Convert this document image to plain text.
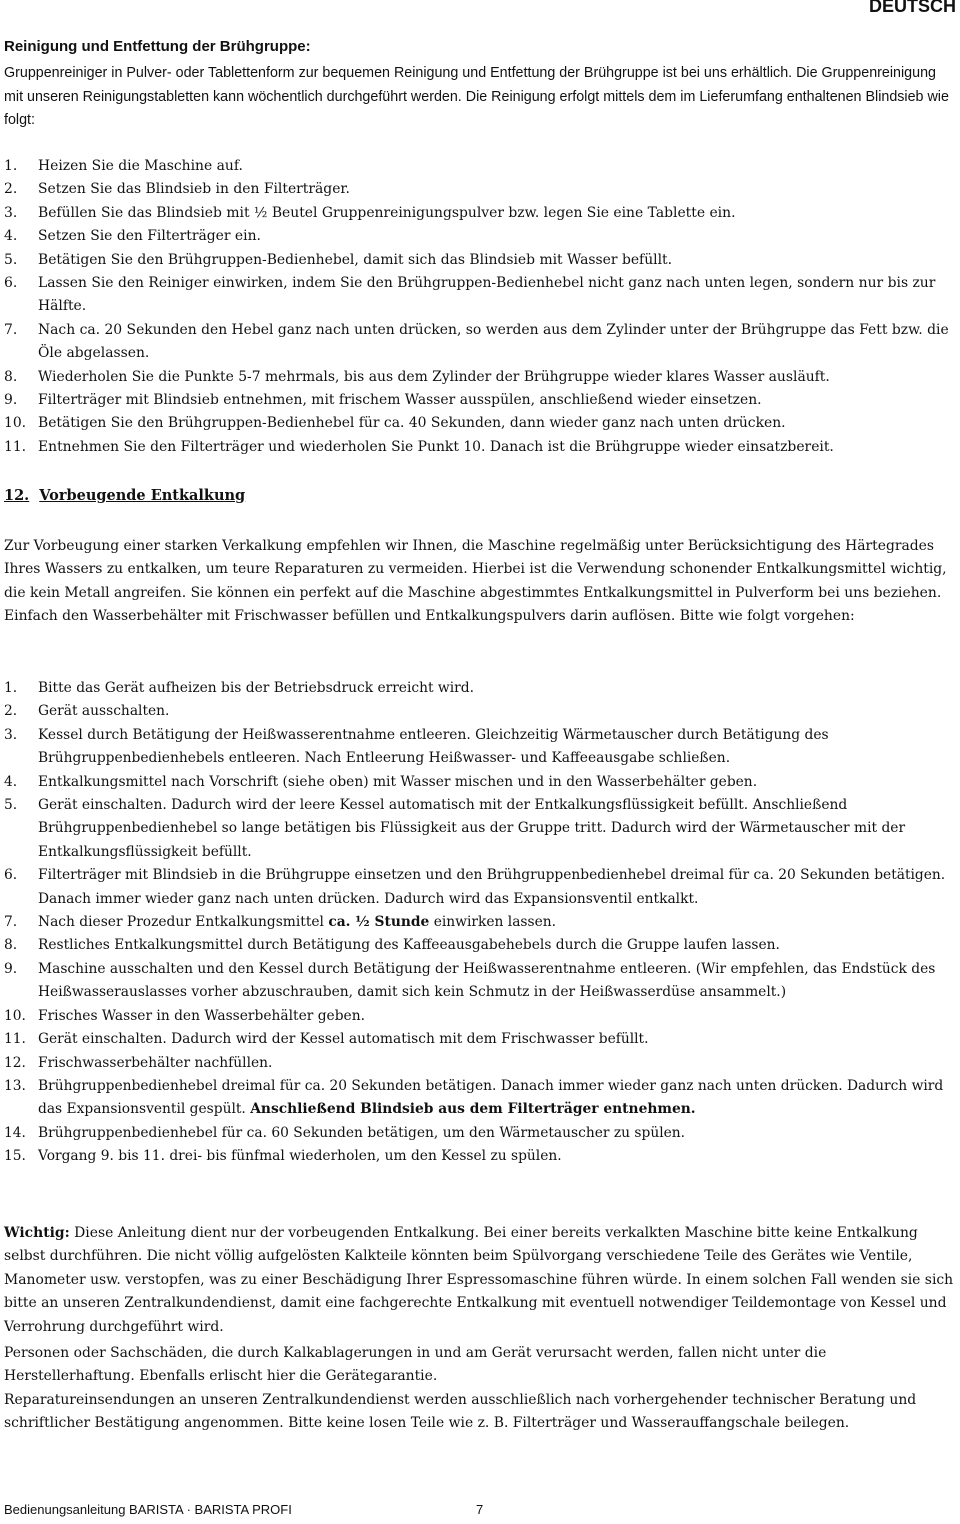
DEUTSCH
Reinigung und Entfettung der Brühgruppe:

Gruppenreiniger in Pulver- oder Tablettenform zur bequemen Reinigung und Entfettung der Brühgruppe ist bei uns erhältlich. Die Gruppenreinigung mit unseren Reinigungstabletten kann wöchentlich durchgeführt werden. Die Reinigung erfolgt mittels dem im Lieferumfang enthaltenen Blindsieb wie folgt:

1. Heizen Sie die Maschine auf.
2. Setzen Sie das Blindsieb in den Filterträger.
3. Befüllen Sie das Blindsieb mit ½ Beutel Gruppenreinigungspulver bzw. legen Sie eine Tablette ein.
4. Setzen Sie den Filterträger ein.
5. Betätigen Sie den Brühgruppen-Bedienhebel, damit sich das Blindsieb mit Wasser befüllt.
6. Lassen Sie den Reiniger einwirken, indem Sie den Brühgruppen-Bedienhebel nicht ganz nach unten legen, sondern nur bis zur Hälfte.
7. Nach ca. 20 Sekunden den Hebel ganz nach unten drücken, so werden aus dem Zylinder unter der Brühgruppe das Fett bzw. die Öle abgelassen.
8. Wiederholen Sie die Punkte 5-7 mehrmals, bis aus dem Zylinder der Brühgruppe wieder klares Wasser ausläuft.
9. Filterträger mit Blindsieb entnehmen, mit frischem Wasser ausspülen, anschließend wieder einsetzen.
10. Betätigen Sie den Brühgruppen-Bedienhebel für ca. 40 Sekunden, dann wieder ganz nach unten drücken.
11. Entnehmen Sie den Filterträger und wiederholen Sie Punkt 10. Danach ist die Brühgruppe wieder einsatzbereit.
12. Vorbeugende Entkalkung

Zur Vorbeugung einer starken Verkalkung empfehlen wir Ihnen, die Maschine regelmäßig unter Berücksichtigung des Härtegrades Ihres Wassers zu entkalken, um teure Reparaturen zu vermeiden. Hierbei ist die Verwendung schonender Entkalkungsmittel wichtig, die kein Metall angreifen. Sie können ein perfekt auf die Maschine abgestimmtes Entkalkungsmittel in Pulverform bei uns beziehen. Einfach den Wasserbehälter mit Frischwasser befüllen und Entkalkungspulvers darin auflösen. Bitte wie folgt vorgehen:

1. Bitte das Gerät aufheizen bis der Betriebsdruck erreicht wird.
2. Gerät ausschalten.
3. Kessel durch Betätigung der Heißwasserentnahme entleeren. Gleichzeitig Wärmetauscher durch Betätigung des Brühgruppenbedienhebels entleeren. Nach Entleerung Heißwasser- und Kaffeeausgabe schließen.
4. Entkalkungsmittel nach Vorschrift (siehe oben) mit Wasser mischen und in den Wasserbehälter geben.
5. Gerät einschalten. Dadurch wird der leere Kessel automatisch mit der Entkalkungsflüssigkeit befüllt. Anschließend Brühgruppenbedienhebel so lange betätigen bis Flüssigkeit aus der Gruppe tritt. Dadurch wird der Wärmetauscher mit der Entkalkungsflüssigkeit befüllt.
6. Filterträger mit Blindsieb in die Brühgruppe einsetzen und den Brühgruppenbedienhebel dreimal für ca. 20 Sekunden betätigen. Danach immer wieder ganz nach unten drücken. Dadurch wird das Expansionsventil entkalkt.
7. Nach dieser Prozedur Entkalkungsmittel ca. ½ Stunde einwirken lassen.
8. Restliches Entkalkungsmittel durch Betätigung des Kaffeeausgabehebels durch die Gruppe laufen lassen.
9. Maschine ausschalten und den Kessel durch Betätigung der Heißwasserentnahme entleeren. (Wir empfehlen, das Endstück des Heißwasserauslasses vorher abzuschrauben, damit sich kein Schmutz in der Heißwasserdüse ansammelt.)
10. Frisches Wasser in den Wasserbehälter geben.
11. Gerät einschalten. Dadurch wird der Kessel automatisch mit dem Frischwasser befüllt.
12. Frischwasserbehälter nachfüllen.
13. Brühgruppenbedienhebel dreimal für ca. 20 Sekunden betätigen. Danach immer wieder ganz nach unten drücken. Dadurch wird das Expansionsventil gespült. Anschließend Blindsieb aus dem Filterträger entnehmen.
14. Brühgruppenbedienhebel für ca. 60 Sekunden betätigen, um den Wärmetauscher zu spülen.
15. Vorgang 9. bis 11. drei- bis fünfmal wiederholen, um den Kessel zu spülen.

Wichtig: Diese Anleitung dient nur der vorbeugenden Entkalkung. Bei einer bereits verkalkten Maschine bitte keine Entkalkung selbst durchführen. Die nicht völlig aufgelösten Kalkteile könnten beim Spülvorgang verschiedene Teile des Gerätes wie Ventile, Manometer usw. verstopfen, was zu einer Beschädigung Ihrer Espressomaschine führen würde. In einem solchen Fall wenden sie sich bitte an unseren Zentralkundendienst, damit eine fachgerechte Entkalkung mit eventuell notwendiger Teildemontage von Kessel und Verrohrung durchgeführt wird.

Personen oder Sachschäden, die durch Kalkablagerungen in und am Gerät verursacht werden, fallen nicht unter die Herstellerhaftung. Ebenfalls erlischt hier die Gerätegarantie.

Reparatureinsendungen an unseren Zentralkundendienst werden ausschließlich nach vorhergehender technischer Beratung und schriftlicher Bestätigung angenommen. Bitte keine losen Teile wie z. B. Filterträger und Wasserauffangschale beilegen.

Bedienungsanleitung BARISTA · BARISTA PROFI	7
